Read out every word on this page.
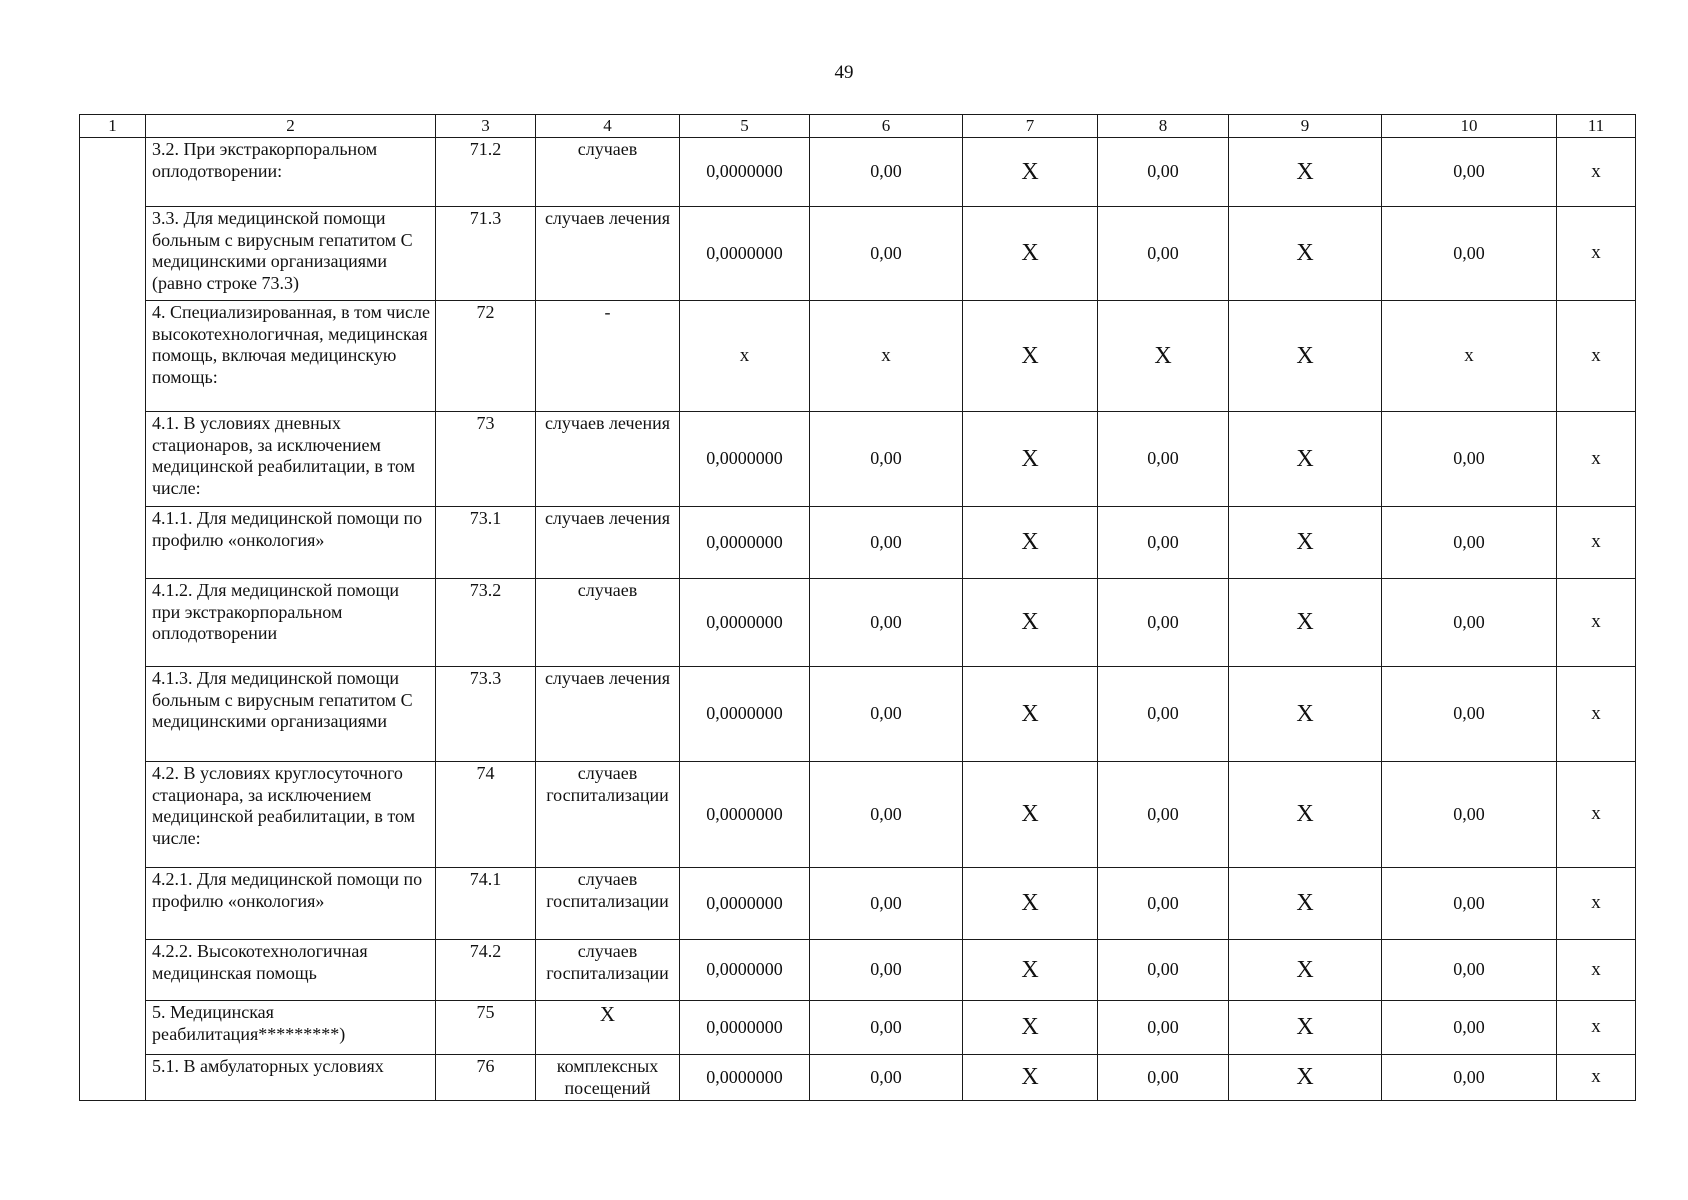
49
1	2	3	4	5	6	7	8	9	10	11
	3.2. При экстракорпоральном оплодотворении:	71.2	случаев	0,0000000	0,00	X	0,00	X	0,00	х
	3.3. Для медицинской помощи больным с вирусным гепатитом С медицинскими организациями (равно строке 73.3)	71.3	случаев лечения	0,0000000	0,00	X	0,00	X	0,00	х
	4. Специализированная, в том числе высокотехнологичная, медицинская помощь, включая медицинскую помощь:	72	-	х	х	X	X	X	х	х
	4.1. В условиях дневных стационаров, за исключением медицинской реабилитации, в том числе:	73	случаев лечения	0,0000000	0,00	X	0,00	X	0,00	х
	4.1.1. Для медицинской помощи по профилю «онкология»	73.1	случаев лечения	0,0000000	0,00	X	0,00	X	0,00	х
	4.1.2. Для медицинской помощи при экстракорпоральном оплодотворении	73.2	случаев	0,0000000	0,00	X	0,00	X	0,00	х
	4.1.3. Для медицинской помощи больным с вирусным гепатитом С медицинскими организациями	73.3	случаев лечения	0,0000000	0,00	X	0,00	X	0,00	х
	4.2. В условиях круглосуточного стационара, за исключением медицинской реабилитации, в том числе:	74	случаев госпитализации	0,0000000	0,00	X	0,00	X	0,00	х
	4.2.1. Для медицинской помощи по профилю «онкология»	74.1	случаев госпитализации	0,0000000	0,00	X	0,00	X	0,00	х
	4.2.2. Высокотехнологичная медицинская помощь	74.2	случаев госпитализации	0,0000000	0,00	X	0,00	X	0,00	х
	5. Медицинская реабилитация*********)	75	X	0,0000000	0,00	X	0,00	X	0,00	х
	5.1. В амбулаторных условиях	76	комплексных посещений	0,0000000	0,00	X	0,00	X	0,00	х
